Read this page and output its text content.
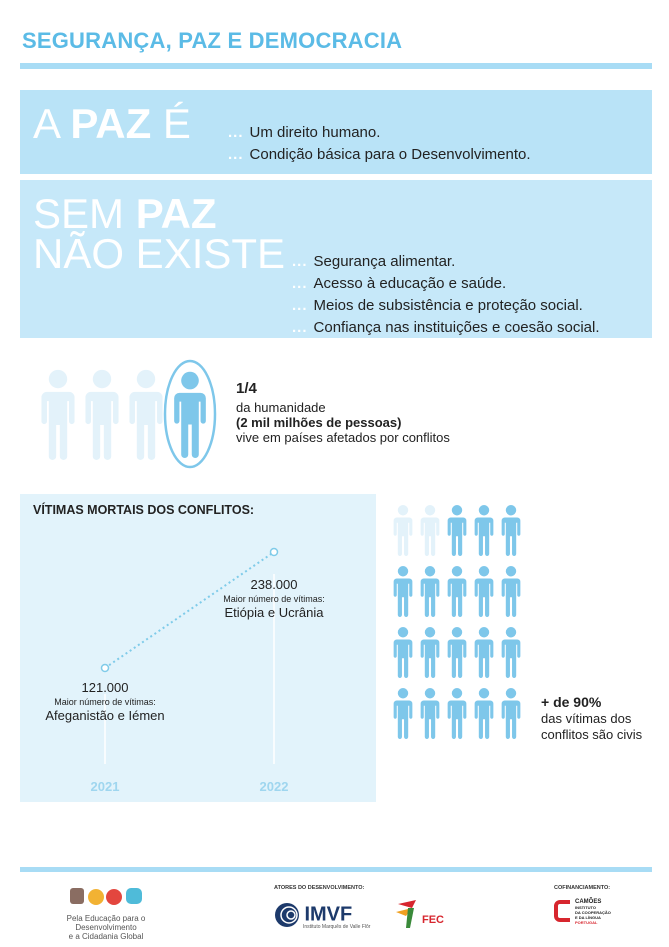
SEGURANÇA, PAZ E DEMOCRACIA
A PAZ É ... Um direito humano.
... Condição básica para o Desenvolvimento.
SEM PAZ
NÃO EXISTE ... Segurança alimentar.
... Acesso à educação e saúde.
... Meios de subsistência e proteção social.
... Confiança nas instituições e coesão social.
1/4
da humanidade
(2 mil milhões de pessoas)
vive em países afetados por conflitos
VÍTIMAS MORTAIS DOS CONFLITOS:
2021	2022
121.000
Maior número de vítimas:
Afeganistão e Iémen
238.000
Maior número de vítimas:
Etiópia e Ucrânia
+ de 90%
das vítimas dos
conflitos são civis
Pela Educação para o Desenvolvimento
e a Cidadania Global
ATORES DO DESENVOLVIMENTO:
IMVF
Instituto Marquês de Valle Flôr
FEC
COFINANCIAMENTO:
CAMÕES
INSTITUTO
DA COOPERAÇÃO
E DA LÍNGUA
PORTUGAL
